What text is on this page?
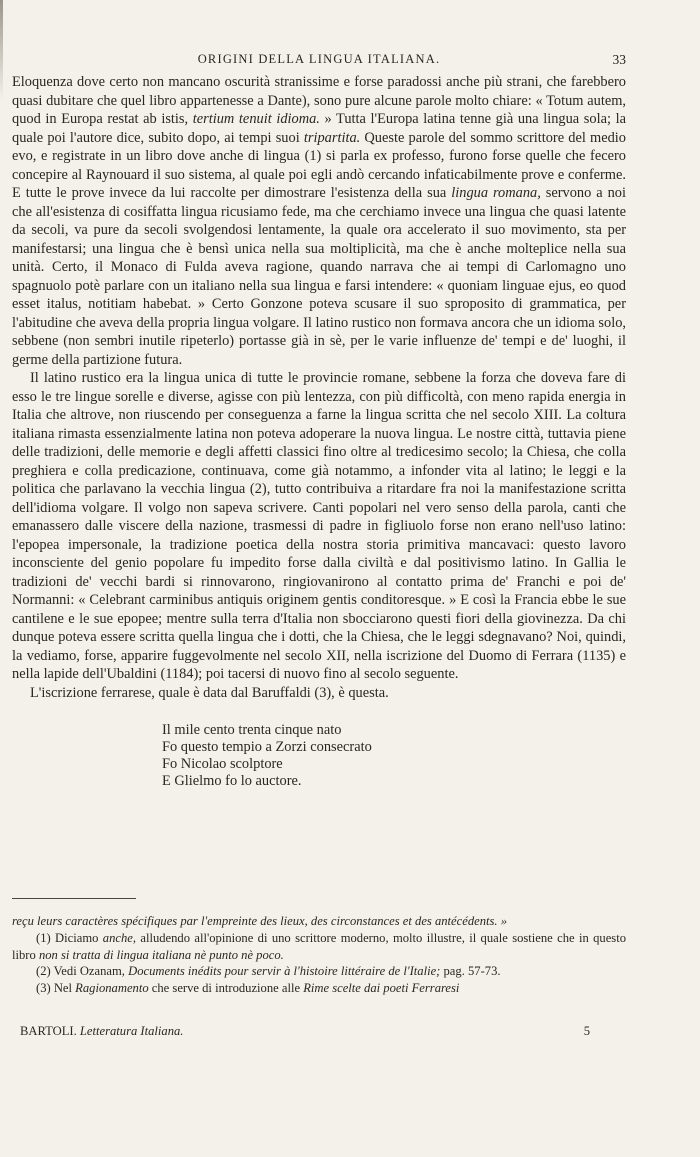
ORIGINI DELLA LINGUA ITALIANA.	33

Eloquenza dove certo non mancano oscurità stranissime e forse paradossi anche più strani, che farebbero quasi dubitare che quel libro appartenesse a Dante), sono pure alcune parole molto chiare: « Totum autem, quod in Europa restat ab istis, tertium tenuit idioma. » Tutta l'Europa latina tenne già una lingua sola; la quale poi l'autore dice, subito dopo, ai tempi suoi tripartita. Queste parole del sommo scrittore del medio evo, e registrate in un libro dove anche di lingua (1) si parla ex professo, furono forse quelle che fecero concepire al Raynouard il suo sistema, al quale poi egli andò cercando infaticabilmente prove e conferme. E tutte le prove invece da lui raccolte per dimostrare l'esistenza della sua lingua romana, servono a noi che all'esistenza di cosiffatta lingua ricusiamo fede, ma che cerchiamo invece una lingua che quasi latente da secoli, va pure da secoli svolgendosi lentamente, la quale ora accelerato il suo movimento, sta per manifestarsi; una lingua che è bensì unica nella sua moltiplicità, ma che è anche molteplice nella sua unità. Certo, il Monaco di Fulda aveva ragione, quando narrava che ai tempi di Carlomagno uno spagnuolo potè parlare con un italiano nella sua lingua e farsi intendere: « quoniam linguae ejus, eo quod esset italus, notitiam habebat. » Certo Gonzone poteva scusare il suo sproposito di grammatica, per l'abitudine che aveva della propria lingua volgare. Il latino rustico non formava ancora che un idioma solo, sebbene (non sembri inutile ripeterlo) portasse già in sè, per le varie influenze de' tempi e de' luoghi, il germe della partizione futura.

Il latino rustico era la lingua unica di tutte le provincie romane, sebbene la forza che doveva fare di esso le tre lingue sorelle e diverse, agisse con più lentezza, con più difficoltà, con meno rapida energia in Italia che altrove, non riuscendo per conseguenza a farne la lingua scritta che nel secolo XIII. La coltura italiana rimasta essenzialmente latina non poteva adoperare la nuova lingua. Le nostre città, tuttavia piene delle tradizioni, delle memorie e degli affetti classici fino oltre al tredicesimo secolo; la Chiesa, che colla preghiera e colla predicazione, continuava, come già notammo, a infonder vita al latino; le leggi e la politica che parlavano la vecchia lingua (2), tutto contribuiva a ritardare fra noi la manifestazione scritta dell'idioma volgare. Il volgo non sapeva scrivere. Canti popolari nel vero senso della parola, canti che emanassero dalle viscere della nazione, trasmessi di padre in figliuolo forse non erano nell'uso latino: l'epopea impersonale, la tradizione poetica della nostra storia primitiva mancavaci: questo lavoro inconsciente del genio popolare fu impedito forse dalla civiltà e dal positivismo latino. In Gallia le tradizioni de' vecchi bardi si rinnovarono, ringiovanirono al contatto prima de' Franchi e poi de' Normanni: « Celebrant carminibus antiquis originem gentis conditoresque. » E così la Francia ebbe le sue cantilene e le sue epopee; mentre sulla terra d'Italia non sbocciarono questi fiori della giovinezza. Da chi dunque poteva essere scritta quella lingua che i dotti, che la Chiesa, che le leggi sdegnavano? Noi, quindi, la vediamo, forse, apparire fuggevolmente nel secolo XII, nella iscrizione del Duomo di Ferrara (1135) e nella lapide dell'Ubaldini (1184); poi tacersi di nuovo fino al secolo seguente.

L'iscrizione ferrarese, quale è data dal Baruffaldi (3), è questa.

Il mile cento trenta cinque nato
Fo questo tempio a Zorzi consecrato
Fo Nicolao scolptore
E Glielmo fo lo auctore.

reçu leurs caractères spécifiques par l'empreinte des lieux, des circonstances et des antécédents. »

(1) Diciamo anche, alludendo all'opinione di uno scrittore moderno, molto illustre, il quale sostiene che in questo libro non si tratta di lingua italiana nè punto nè poco.

(2) Vedi Ozanam, Documents inédits pour servir à l'histoire littéraire de l'Italie; pag. 57-73.

(3) Nel Ragionamento che serve di introduzione alle Rime scelte dai poeti Ferraresi

BARTOLI. Letteratura Italiana.	5
